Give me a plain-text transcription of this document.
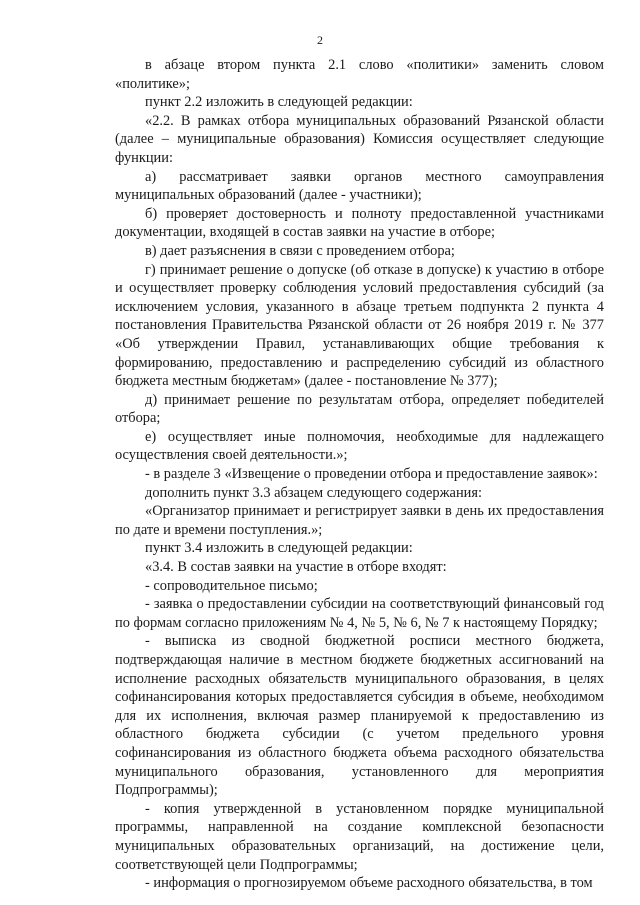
2

в абзаце втором пункта 2.1 слово «политики» заменить словом «политике»;

пункт 2.2 изложить в следующей редакции:

«2.2. В рамках отбора муниципальных образований Рязанской области (далее – муниципальные образования) Комиссия осуществляет следующие функции:

а) рассматривает заявки органов местного самоуправления муниципальных образований (далее - участники);

б) проверяет достоверность и полноту предоставленной участниками документации, входящей в состав заявки на участие в отборе;

в) дает разъяснения в связи с проведением отбора;

г) принимает решение о допуске (об отказе в допуске) к участию в отборе и осуществляет проверку соблюдения условий предоставления субсидий (за исключением условия, указанного в абзаце третьем подпункта 2 пункта 4 постановления Правительства Рязанской области от 26 ноября 2019 г. № 377 «Об утверждении Правил, устанавливающих общие требования к формированию, предоставлению и распределению субсидий из областного бюджета местным бюджетам» (далее - постановление № 377);

д) принимает решение по результатам отбора, определяет победителей отбора;

е) осуществляет иные полномочия, необходимые для надлежащего осуществления своей деятельности.»;

- в разделе 3 «Извещение о проведении отбора и предоставление заявок»:

дополнить пункт 3.3 абзацем следующего содержания:

«Организатор принимает и регистрирует заявки в день их предоставления по дате и времени поступления.»;

пункт 3.4 изложить в следующей редакции:

«3.4. В состав заявки на участие в отборе входят:

- сопроводительное письмо;

- заявка о предоставлении субсидии на соответствующий финансовый год по формам согласно приложениям № 4, № 5, № 6, № 7 к настоящему Порядку;

- выписка из сводной бюджетной росписи местного бюджета, подтверждающая наличие в местном бюджете бюджетных ассигнований на исполнение расходных обязательств муниципального образования, в целях софинансирования которых предоставляется субсидия в объеме, необходимом для их исполнения, включая размер планируемой к предоставлению из областного бюджета субсидии (с учетом предельного уровня софинансирования из областного бюджета объема расходного обязательства муниципального образования, установленного для мероприятия Подпрограммы);

- копия утвержденной в установленном порядке муниципальной программы, направленной на создание комплексной безопасности муниципальных образовательных организаций, на достижение цели, соответствующей цели Подпрограммы;

- информация о прогнозируемом объеме расходного обязательства, в том
